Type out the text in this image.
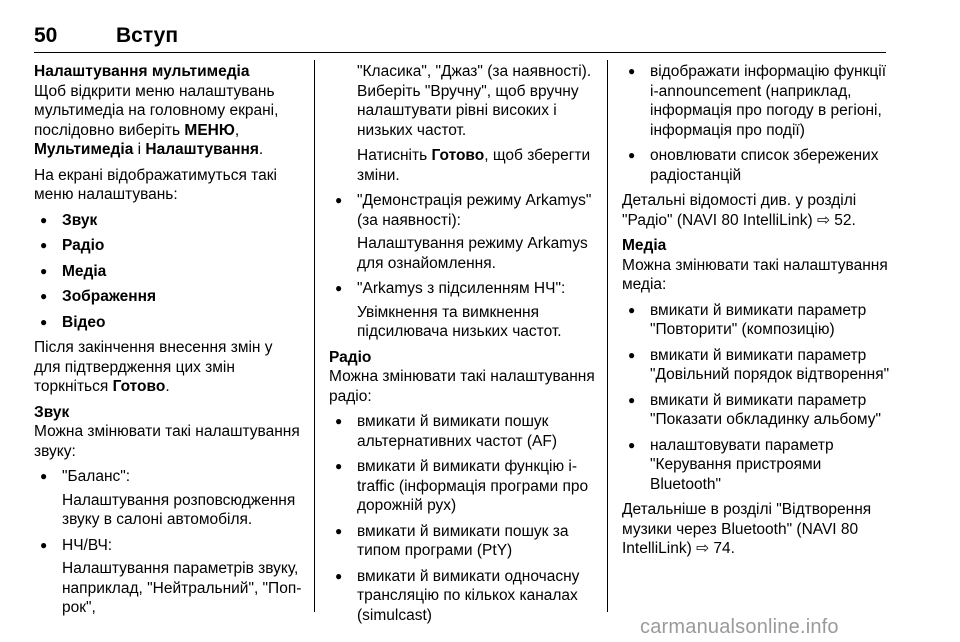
50	Вступ

Налаштування мультимедіа

Щоб відкрити меню налаштувань мультимедіа на головному екрані, послідовно виберіть МЕНЮ, Мультимедіа і Налаштування.

На екрані відображатимуться такі меню налаштувань:

● Звук
● Радіо
● Медіа
● Зображення
● Відео

Після закінчення внесення змін у для підтвердження цих змін торкніться Готово.

Звук

Можна змінювати такі налаштування звуку:

● "Баланс":
Налаштування розповсюдження звуку в салоні автомобіля.
● НЧ/ВЧ:
Налаштування параметрів звуку, наприклад, "Нейтральний", "Поп-рок",

"Класика", "Джаз" (за наявності). Виберіть "Вручну", щоб вручну налаштувати рівні високих і низьких частот.

Натисніть Готово, щоб зберегти зміни.

● "Демонстрація режиму Arkamys" (за наявності):
Налаштування режиму Arkamys для ознайомлення.
● "Arkamys з підсиленням НЧ":
Увімкнення та вимкнення підсилювача низьких частот.

Радіо

Можна змінювати такі налаштування радіо:

● вмикати й вимикати пошук альтернативних частот (AF)
● вмикати й вимикати функцію і-traffic (інформація програми про дорожній рух)
● вмикати й вимикати пошук за типом програми (PtY)
● вмикати й вимикати одночасну трансляцію по кількох каналах (simulcast)
● відображати інформацію функції і-announcement (наприклад, інформація про погоду в регіоні, інформація про події)
● оновлювати список збережених радіостанцій

Детальні відомості див. у розділі "Радіо" (NAVI 80 IntelliLink) ⇨ 52.

Медіа

Можна змінювати такі налаштування медіа:

● вмикати й вимикати параметр "Повторити" (композицію)
● вмикати й вимикати параметр "Довільний порядок відтворення"
● вмикати й вимикати параметр "Показати обкладинку альбому"
● налаштовувати параметр "Керування пристроями Bluetooth"

Детальніше в розділі "Відтворення музики через Bluetooth" (NAVI 80 IntelliLink) ⇨ 74.

carmanualsonline.info
